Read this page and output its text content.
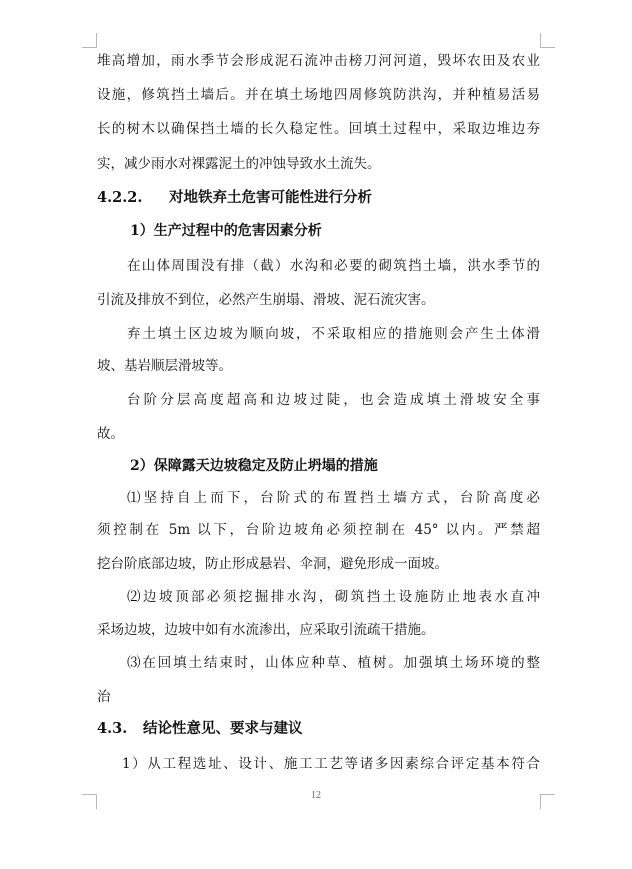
堆高增加，雨水季节会形成泥石流冲击榜刀河河道，毁坏农田及农业
设施，修筑挡土墙后。并在填土场地四周修筑防洪沟，并种植易活易
长的树木以确保挡土墙的长久稳定性。回填土过程中，采取边堆边夯
实，减少雨水对裸露泥土的冲蚀导致水土流失。
4.2.2. 对地铁弃土危害可能性进行分析
1）生产过程中的危害因素分析
在山体周围没有排（截）水沟和必要的砌筑挡土墙，洪水季节的
引流及排放不到位，必然产生崩塌、滑坡、泥石流灾害。
弃土填土区边坡为顺向坡，不采取相应的措施则会产生土体滑
坡、基岩顺层滑坡等。
台阶分层高度超高和边坡过陡，也会造成填土滑坡安全事
故。
2）保障露天边坡稳定及防止坍塌的措施
⑴坚持自上而下，台阶式的布置挡土墙方式，台阶高度必
须控制在 5m 以下，台阶边坡角必须控制在 45° 以内。严禁超
挖台阶底部边坡，防止形成悬岩、伞洞，避免形成一面坡。
⑵边坡顶部必须挖掘排水沟，砌筑挡土设施防止地表水直冲
采场边坡，边坡中如有水流渗出，应采取引流疏干措施。
⑶在回填土结束时，山体应种草、植树。加强填土场环境的整
治
4.3. 结论性意见、要求与建议
1）从工程选址、设计、施工工艺等诸多因素综合评定基本符合
12
